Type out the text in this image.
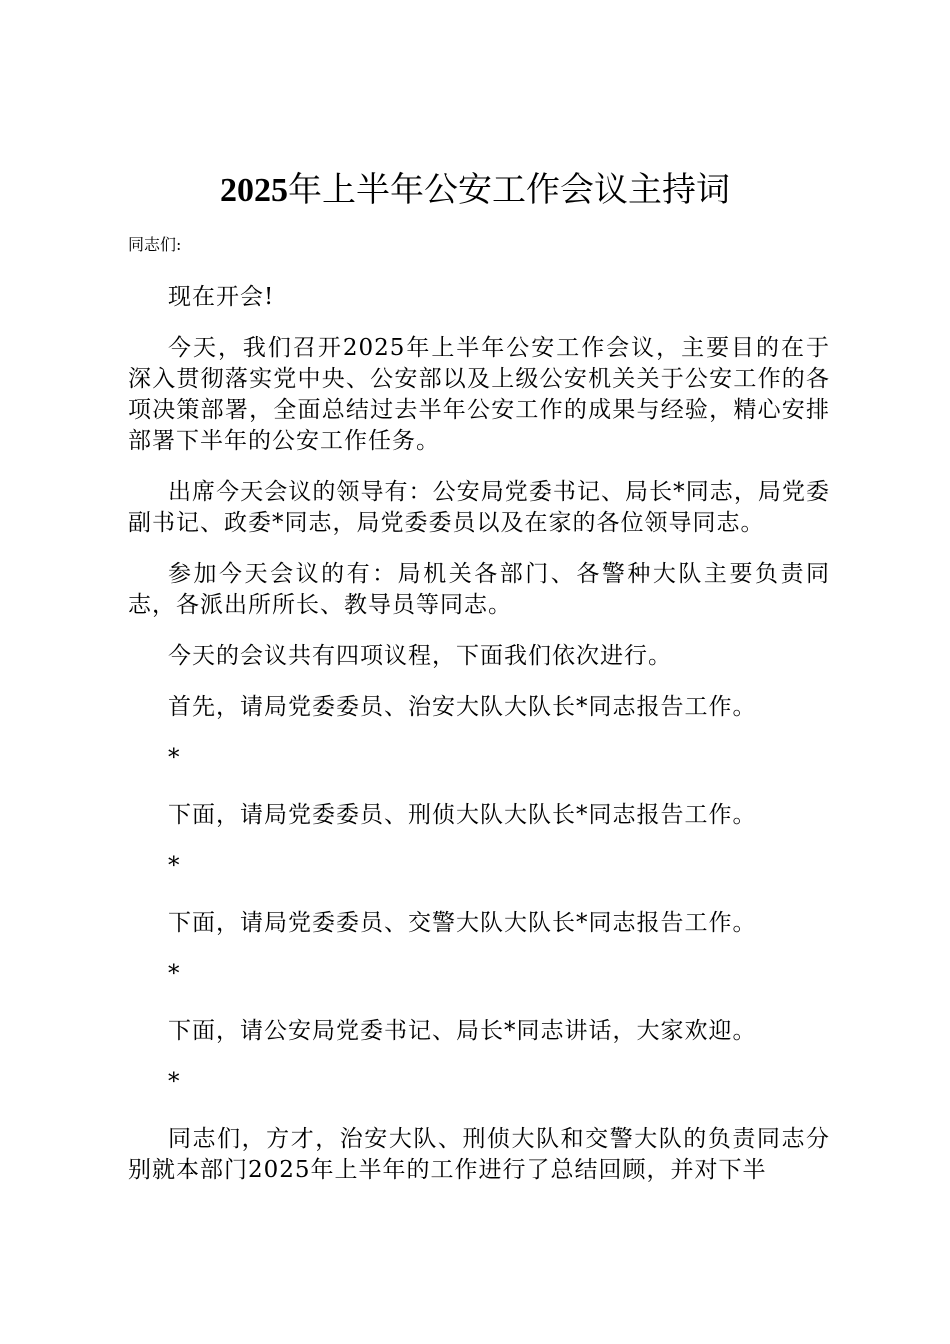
2025年上半年公安工作会议主持词
同志们:

现在开会!

今天，我们召开2025年上半年公安工作会议，主要目的在于深入贯彻落实党中央、公安部以及上级公安机关关于公安工作的各项决策部署，全面总结过去半年公安工作的成果与经验，精心安排部署下半年的公安工作任务。

出席今天会议的领导有：公安局党委书记、局长*同志，局党委副书记、政委*同志，局党委委员以及在家的各位领导同志。

参加今天会议的有：局机关各部门、各警种大队主要负责同志，各派出所所长、教导员等同志。

今天的会议共有四项议程，下面我们依次进行。

首先，请局党委委员、治安大队大队长*同志报告工作。

*

下面，请局党委委员、刑侦大队大队长*同志报告工作。

*

下面，请局党委委员、交警大队大队长*同志报告工作。

*

下面，请公安局党委书记、局长*同志讲话，大家欢迎。

*

同志们，方才，治安大队、刑侦大队和交警大队的负责同志分别就本部门2025年上半年的工作进行了总结回顾，并对下半
